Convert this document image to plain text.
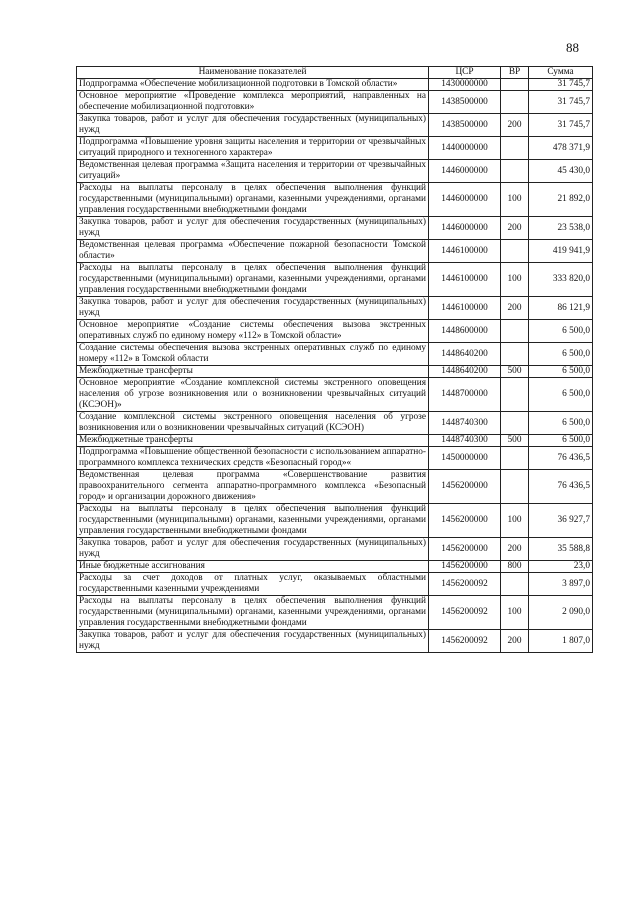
88
Наименование показателей	ЦСР	ВР	Сумма
Подпрограмма «Обеспечение мобилизационной подготовки в Томской области»	1430000000		31 745,7
Основное мероприятие «Проведение комплекса мероприятий, направленных на обеспечение мобилизационной подготовки»	1438500000		31 745,7
Закупка товаров, работ и услуг для обеспечения государственных (муниципальных) нужд	1438500000	200	31 745,7
Подпрограмма «Повышение уровня защиты населения и территории от чрезвычайных ситуаций природного и техногенного характера»	1440000000		478 371,9
Ведомственная целевая программа «Защита населения и территории от чрезвычайных ситуаций»	1446000000		45 430,0
Расходы на выплаты персоналу в целях обеспечения выполнения функций государственными (муниципальными) органами, казенными учреждениями, органами управления государственными внебюджетными фондами	1446000000	100	21 892,0
Закупка товаров, работ и услуг для обеспечения государственных (муниципальных) нужд	1446000000	200	23 538,0
Ведомственная целевая программа «Обеспечение пожарной безопасности Томской области»	1446100000		419 941,9
Расходы на выплаты персоналу в целях обеспечения выполнения функций государственными (муниципальными) органами, казенными учреждениями, органами управления государственными внебюджетными фондами	1446100000	100	333 820,0
Закупка товаров, работ и услуг для обеспечения государственных (муниципальных) нужд	1446100000	200	86 121,9
Основное мероприятие «Создание системы обеспечения вызова экстренных оперативных служб по единому номеру «112» в Томской области»	1448600000		6 500,0
Создание системы обеспечения вызова экстренных оперативных служб по единому номеру «112» в Томской области	1448640200		6 500,0
Межбюджетные трансферты	1448640200	500	6 500,0
Основное мероприятие «Создание комплексной системы экстренного оповещения населения об угрозе возникновения или о возникновении чрезвычайных ситуаций (КСЭОН)»	1448700000		6 500,0
Создание комплексной системы экстренного оповещения населения об угрозе возникновения или о возникновении чрезвычайных ситуаций (КСЭОН)	1448740300		6 500,0
Межбюджетные трансферты	1448740300	500	6 500,0
Подпрограмма «Повышение общественной безопасности с использованием аппаратно-программного комплекса технических средств «Безопасный город»«	1450000000		76 436,5
Ведомственная целевая программа «Совершенствование развития правоохранительного сегмента аппаратно-программного комплекса «Безопасный город» и организации дорожного движения»	1456200000		76 436,5
Расходы на выплаты персоналу в целях обеспечения выполнения функций государственными (муниципальными) органами, казенными учреждениями, органами управления государственными внебюджетными фондами	1456200000	100	36 927,7
Закупка товаров, работ и услуг для обеспечения государственных (муниципальных) нужд	1456200000	200	35 588,8
Иные бюджетные ассигнования	1456200000	800	23,0
Расходы за счет доходов от платных услуг, оказываемых областными государственными казенными учреждениями	1456200092		3 897,0
Расходы на выплаты персоналу в целях обеспечения выполнения функций государственными (муниципальными) органами, казенными учреждениями, органами управления государственными внебюджетными фондами	1456200092	100	2 090,0
Закупка товаров, работ и услуг для обеспечения государственных (муниципальных) нужд	1456200092	200	1 807,0
